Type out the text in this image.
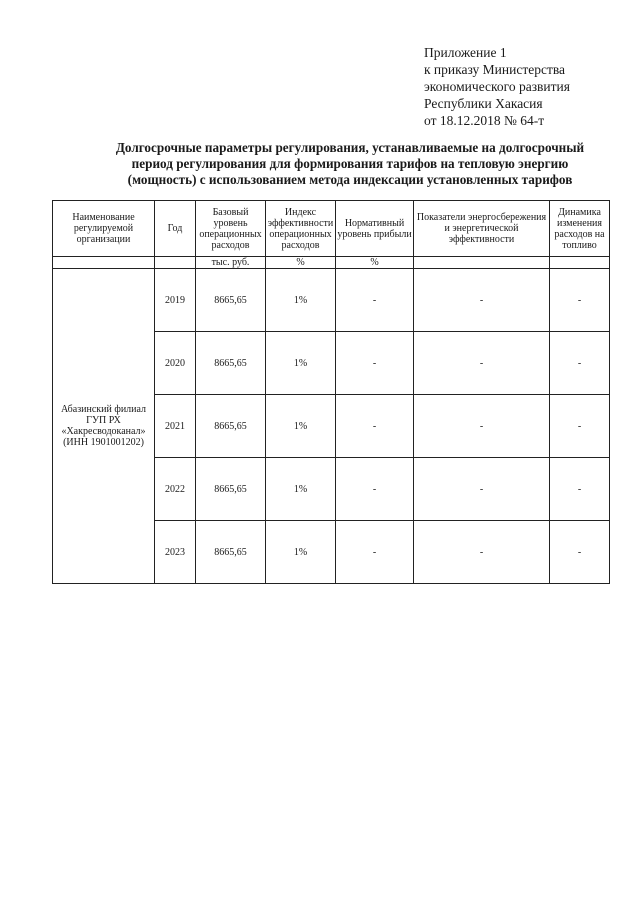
Приложение 1
к приказу Министерства
экономического развития
Республики Хакасия
от 18.12.2018 № 64-т
Долгосрочные параметры регулирования, устанавливаемые на долгосрочный
период регулирования для формирования тарифов на тепловую энергию
(мощность) с использованием метода индексации установленных тарифов
Наименование регулируемой организации	Год	Базовый уровень операционных расходов	Индекс эффективности операционных расходов	Нормативный уровень прибыли	Показатели энергосбережения и энергетической эффективности	Динамика изменения расходов на топливо
		тыс. руб.	%	%		

Абазинский филиал
ГУП РХ
«Хакресводоканал»
(ИНН 1901001202)	2019	8665,65	1%	-	-	-
	2020	8665,65	1%	-	-	-
	2021	8665,65	1%	-	-	-
	2022	8665,65	1%	-	-	-
	2023	8665,65	1%	-	-	-
